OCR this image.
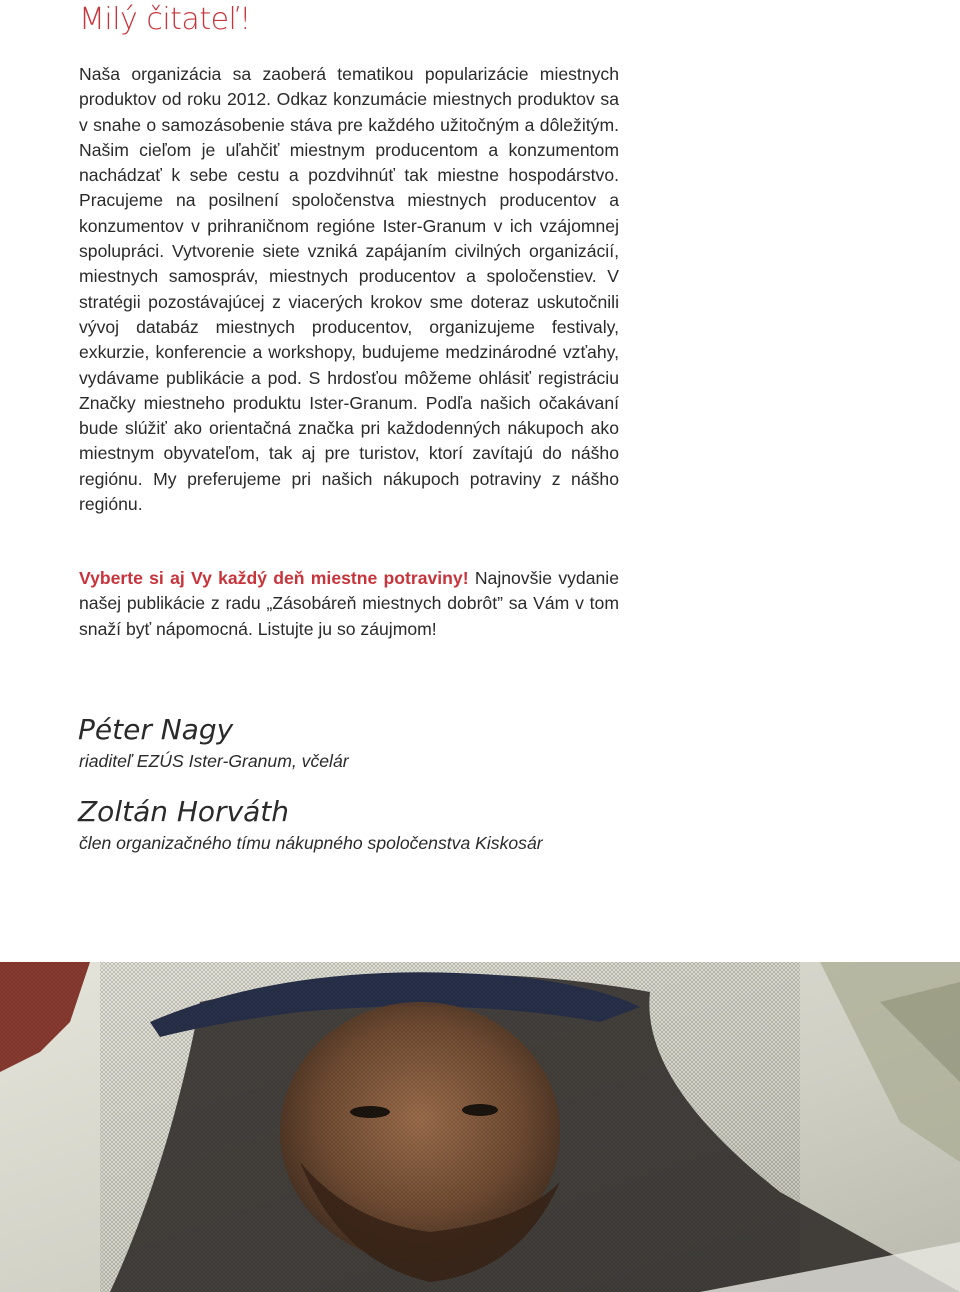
Milý čitateľ!

Naša organizácia sa zaoberá tematikou popularizácie miestnych produktov od roku 2012. Odkaz konzumácie miestnych produktov sa v snahe o samozásobenie stáva pre každého užitočným a dôležitým. Našim cieľom je uľahčiť miestnym producentom a konzumentom nachádzať k sebe cestu a pozdvihnúť tak miestne hospodárstvo. Pracujeme na posilnení spoločenstva miestnych producentov a konzumentov v prihraničnom regióne Ister-Granum v ich vzájomnej spolupráci. Vytvorenie siete vzniká zapájaním civilných organizácií, miestnych samospráv, miestnych producentov a spoločenstiev. V stratégii pozostávajúcej z viacerých krokov sme doteraz uskutočnili vývoj databáz miestnych producentov, organizujeme festivaly, exkurzie, konferencie a workshopy, budujeme medzinárodné vzťahy, vydávame publikácie a pod. S hrdosťou môžeme ohlásiť registráciu Značky miestneho produktu Ister-Granum. Podľa našich očakávaní bude slúžiť ako orientačná značka pri každodenných nákupoch ako miestnym obyvateľom, tak aj pre turistov, ktorí zavítajú do nášho regiónu. My preferujeme pri našich nákupoch potraviny z nášho regiónu.

Vyberte si aj Vy každý deň miestne potraviny! Najnovšie vydanie našej publikácie z radu „Zásobáreň miestnych dobrôt” sa Vám v tom snaží byť nápomocná. Listujte ju so záujmom!

Péter Nagy

riaditeľ EZÚS Ister-Granum, včelár

Zoltán Horváth

člen organizačného tímu nákupného spoločenstva Kiskosár
